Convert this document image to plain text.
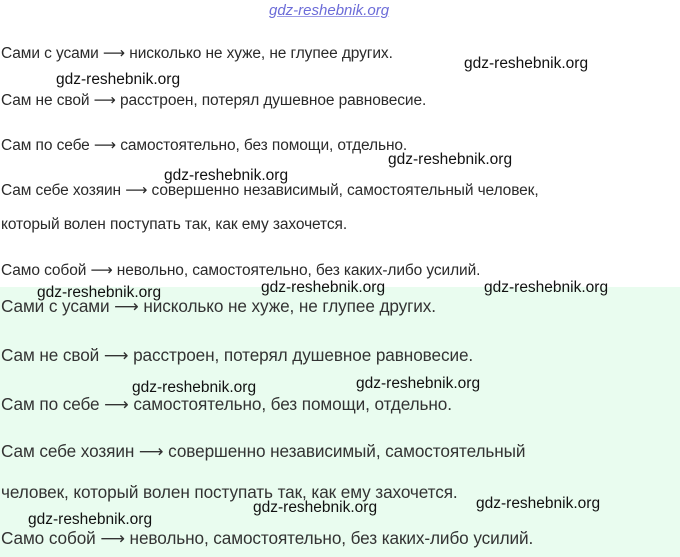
gdz-reshebnik.org
Сами с усами ⟶ нисколько не хуже, не глупее других.
Сам не свой ⟶ расстроен, потерял душевное равновесие.
Сам по себе ⟶ самостоятельно, без помощи, отдельно.
Сам себе хозяин ⟶ совершенно независимый, самостоятельный человек,
который волен поступать так, как ему захочется.
Само собой ⟶ невольно, самостоятельно, без каких-либо усилий.
Сами с усами ⟶ нисколько не хуже, не глупее других.
Сам не свой ⟶ расстроен, потерял душевное равновесие.
Сам по себе ⟶ самостоятельно, без помощи, отдельно.
Сам себе хозяин ⟶ совершенно независимый, самостоятельный
человек, который волен поступать так, как ему захочется.
Само собой ⟶ невольно, самостоятельно, без каких-либо усилий.
gdz-reshebnik.org
gdz-reshebnik.org
gdz-reshebnik.org
gdz-reshebnik.org
gdz-reshebnik.org	gdz-reshebnik.org	gdz-reshebnik.org
gdz-reshebnik.org	gdz-reshebnik.org
gdz-reshebnik.org
gdz-reshebnik.org
gdz-reshebnik.org
